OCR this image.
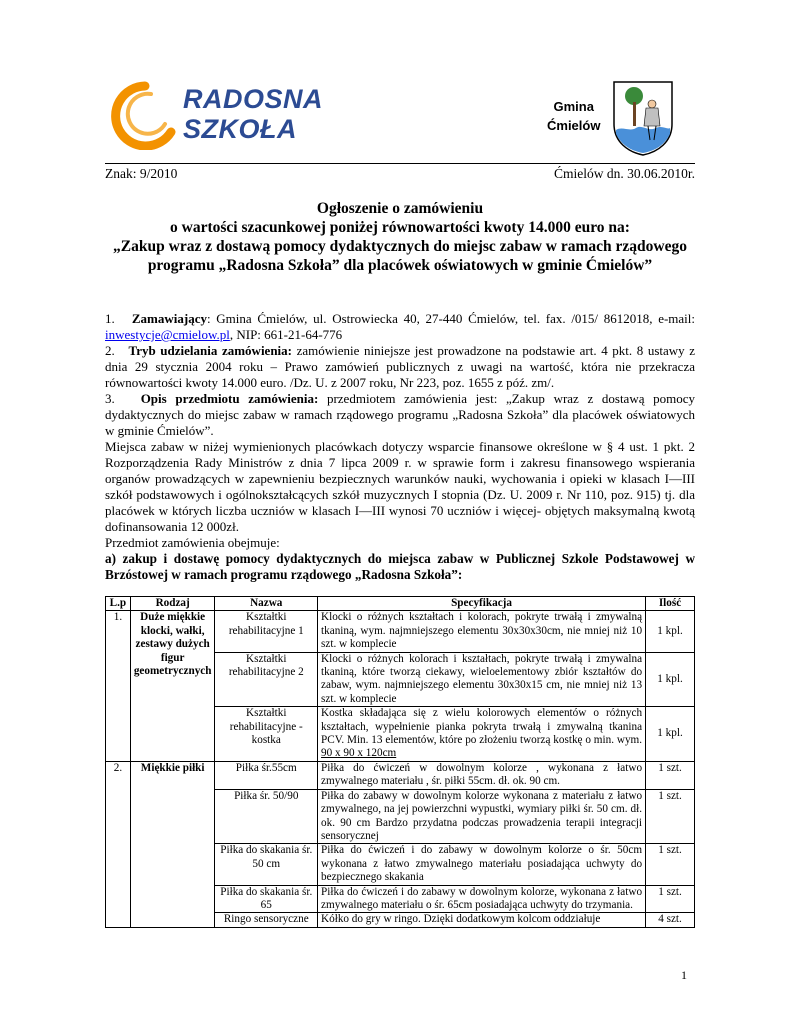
RADOSNA
SZKOŁA
Gmina
Ćmielów
Znak: 9/2010	Ćmielów dn. 30.06.2010r.
Ogłoszenie o zamówieniu
o wartości szacunkowej poniżej równowartości kwoty 14.000 euro na:
„Zakup wraz z dostawą pomocy dydaktycznych do miejsc zabaw w ramach rządowego programu „Radosna Szkoła” dla placówek oświatowych w gminie Ćmielów”

1. Zamawiający: Gmina Ćmielów, ul. Ostrowiecka 40, 27-440 Ćmielów, tel. fax. /015/ 8612018, e-mail: inwestycje@cmielow.pl, NIP: 661-21-64-776

2. Tryb udzielania zamówienia: zamówienie niniejsze jest prowadzone na podstawie art. 4 pkt. 8 ustawy z dnia 29 stycznia 2004 roku – Prawo zamówień publicznych z uwagi na wartość, która nie przekracza równowartości kwoty 14.000 euro. /Dz. U. z 2007 roku, Nr 223, poz. 1655 z póź. zm/.

3. Opis przedmiotu zamówienia: przedmiotem zamówienia jest: „Zakup wraz z dostawą pomocy dydaktycznych do miejsc zabaw w ramach rządowego programu „Radosna Szkoła” dla placówek oświatowych w gminie Ćmielów”.

Miejsca zabaw w niżej wymienionych placówkach dotyczy wsparcie finansowe określone w § 4 ust. 1 pkt. 2 Rozporządzenia Rady Ministrów z dnia 7 lipca 2009 r. w sprawie form i zakresu finansowego wspierania organów prowadzących w zapewnieniu bezpiecznych warunków nauki, wychowania i opieki w klasach I—III szkół podstawowych i ogólnokształcących szkół muzycznych I stopnia (Dz. U. 2009 r. Nr 110, poz. 915) tj. dla placówek w których liczba uczniów w klasach I—III wynosi 70 uczniów i więcej- objętych maksymalną kwotą dofinansowania 12 000zł.

Przedmiot zamówienia obejmuje:

a) zakup i dostawę pomocy dydaktycznych do miejsca zabaw w Publicznej Szkole Podstawowej w Brzóstowej w ramach programu rządowego „Radosna Szkoła”:

L.p	Rodzaj	Nazwa	Specyfikacja	Ilość
1.	Duże miękkie klocki, wałki, zestawy dużych figur geometrycznych	Kształtki rehabilitacyjne 1	Klocki o różnych kształtach i kolorach, pokryte trwałą i zmywalną tkaniną, wym. najmniejszego elementu 30x30x30cm, nie mniej niż 10 szt. w komplecie	1 kpl.
		Kształtki rehabilitacyjne 2	Klocki o różnych kolorach i kształtach, pokryte trwałą i zmywalna tkaniną, które tworzą ciekawy, wieloelementowy zbiór kształtów do zabaw, wym. najmniejszego elementu 30x30x15 cm, nie mniej niż 13 szt. w komplecie	1 kpl.
		Kształtki rehabilitacyjne - kostka	Kostka składająca się z wielu kolorowych elementów o różnych kształtach, wypełnienie pianka pokryta trwałą i zmywalną tkanina PCV. Min. 13 elementów, które po złożeniu tworzą kostkę o min. wym. 90 x 90 x 120cm	1 kpl.
2.	Miękkie piłki	Piłka śr.55cm	Piłka do ćwiczeń w dowolnym kolorze , wykonana z łatwo zmywalnego materiału , śr. piłki 55cm. dł. ok. 90 cm.	1 szt.
		Piłka śr. 50/90	Piłka do zabawy w dowolnym kolorze wykonana z materiału z łatwo zmywalnego, na jej powierzchni wypustki, wymiary piłki śr. 50 cm. dł. ok. 90 cm Bardzo przydatna podczas prowadzenia terapii integracji sensorycznej	1 szt.
		Piłka do skakania śr. 50 cm	Piłka do ćwiczeń i do zabawy w dowolnym kolorze o śr. 50cm wykonana z łatwo zmywalnego materiału posiadająca uchwyty do bezpiecznego skakania	1 szt.
		Piłka do skakania śr. 65	Piłka do ćwiczeń i do zabawy w dowolnym kolorze, wykonana z łatwo zmywalnego materiału o śr. 65cm posiadająca uchwyty do trzymania.	1 szt.
		Ringo sensoryczne	Kółko do gry w ringo. Dzięki dodatkowym kolcom oddziałuje	4 szt.
1
